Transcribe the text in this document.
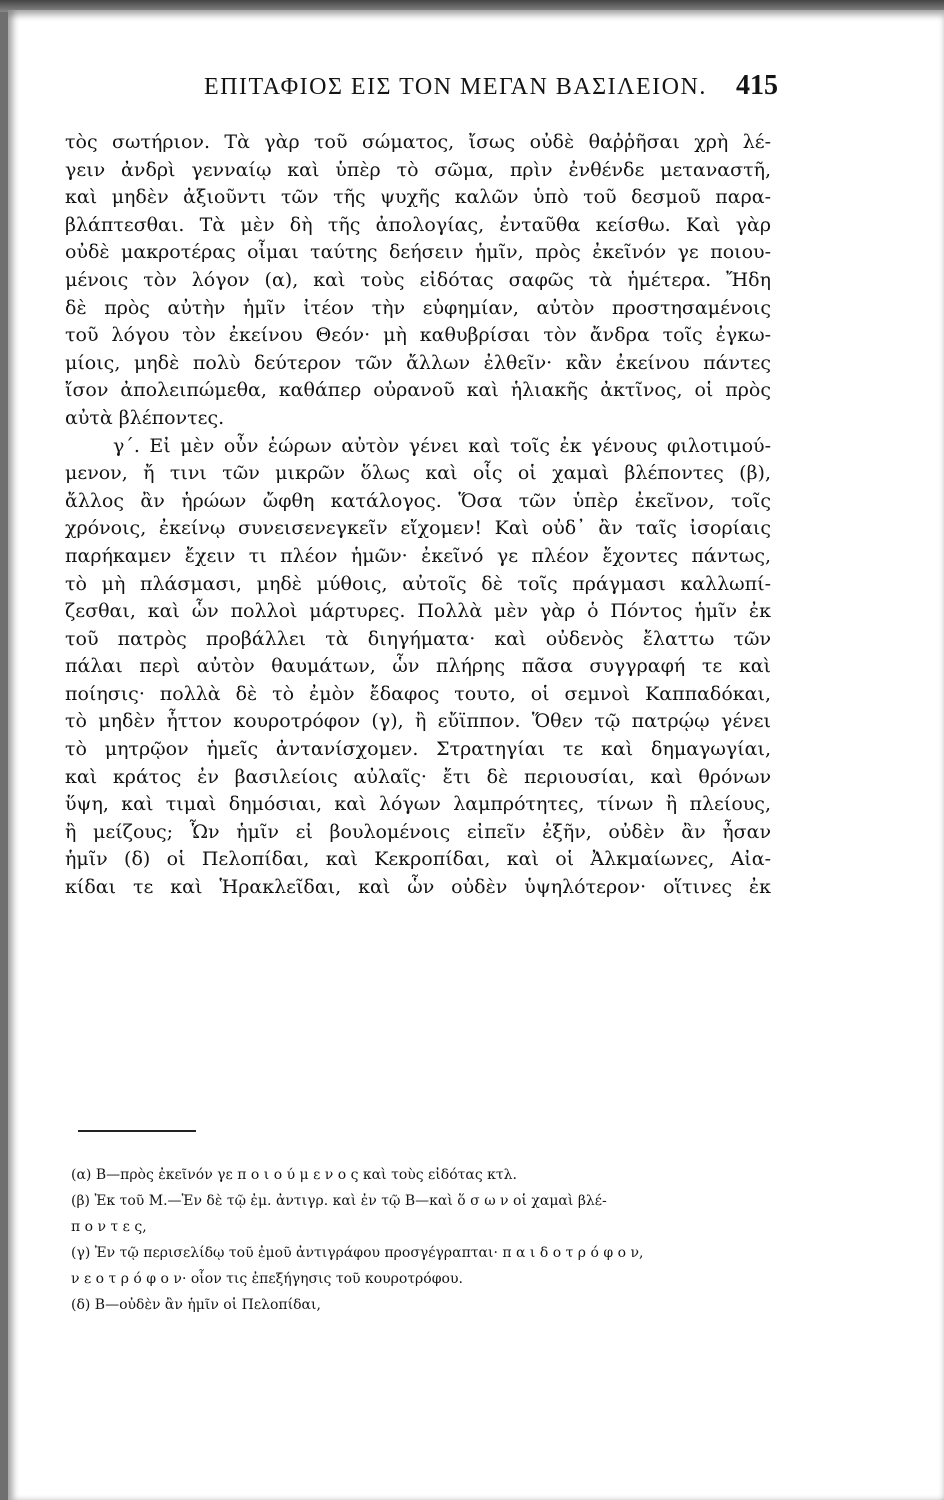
ΕΠΙΤΑΦΙΟΣ ΕΙΣ ΤΟΝ ΜΕΓΑΝ ΒΑΣΙΛΕΙΟΝ.	415
τὸς σωτήριον. Τὰ γὰρ τοῦ σώματος, ἴσως οὐδὲ θαῤῥῆσαι χρὴ λέ-
γειν ἀνδρὶ γενναίῳ καὶ ὑπὲρ τὸ σῶμα, πρὶν ἐνθένδε μεταναστῆ,
καὶ μηδὲν ἀξιοῦντι τῶν τῆς ψυχῆς καλῶν ὑπὸ τοῦ δεσμοῦ παρα-
βλάπτεσθαι. Τὰ μὲν δὴ τῆς ἀπολογίας, ἐνταῦθα κείσθω. Καὶ γὰρ
οὐδὲ μακροτέρας οἶμαι ταύτης δεήσειν ἡμῖν, πρὸς ἐκεῖνόν γε ποιου-
μένοις τὸν λόγον (α), καὶ τοὺς εἰδότας σαφῶς τὰ ἡμέτερα. Ἤδη
δὲ πρὸς αὐτὴν ἡμῖν ἰτέον τὴν εὐφημίαν, αὐτὸν προστησαμένοις
τοῦ λόγου τὸν ἐκείνου Θεόν· μὴ καθυβρίσαι τὸν ἄνδρα τοῖς ἐγκω-
μίοις, μηδὲ πολὺ δεύτερον τῶν ἄλλων ἐλθεῖν· κἂν ἐκείνου πάντες
ἴσον ἀπολειπώμεθα, καθάπερ οὐρανοῦ καὶ ἡλιακῆς ἀκτῖνος, οἱ πρὸς
αὐτὰ βλέποντες.
γ΄. Εἰ μὲν οὖν ἑώρων αὐτὸν γένει καὶ τοῖς ἐκ γένους φιλοτιμού-
μενον, ἤ τινι τῶν μικρῶν ὅλως καὶ οἷς οἱ χαμαὶ βλέποντες (β),
ἄλλος ἂν ἡρώων ὤφθη κατάλογος. Ὅσα τῶν ὑπὲρ ἐκεῖνον, τοῖς
χρόνοις, ἐκείνῳ συνεισενεγκεῖν εἴχομεν! Καὶ οὐδ᾽ ἂν ταῖς ἰσορίαις
παρήκαμεν ἔχειν τι πλέον ἡμῶν· ἐκεῖνό γε πλέον ἔχοντες πάντως,
τὸ μὴ πλάσμασι, μηδὲ μύθοις, αὐτοῖς δὲ τοῖς πράγμασι καλλωπί-
ζεσθαι, καὶ ὧν πολλοὶ μάρτυρες. Πολλὰ μὲν γὰρ ὁ Πόντος ἡμῖν ἐκ
τοῦ πατρὸς προβάλλει τὰ διηγήματα· καὶ οὐδενὸς ἔλαττω τῶν
πάλαι περὶ αὐτὸν θαυμάτων, ὧν πλήρης πᾶσα συγγραφή τε καὶ
ποίησις· πολλὰ δὲ τὸ ἐμὸν ἔδαφος τουτο, οἱ σεμνοὶ Καππαδόκαι,
τὸ μηδὲν ἧττον κουροτρόφον (γ), ἢ εὔϊππον. Ὅθεν τῷ πατρῴῳ γένει
τὸ μητρῷον ἡμεῖς ἀντανίσχομεν. Στρατηγίαι τε καὶ δημαγωγίαι,
καὶ κράτος ἐν βασιλείοις αὐλαῖς· ἔτι δὲ περιουσίαι, καὶ θρόνων
ὕψη, καὶ τιμαὶ δημόσιαι, καὶ λόγων λαμπρότητες, τίνων ἢ πλείους,
ἢ μείζους; Ὧν ἡμῖν εἰ βουλομένοις εἰπεῖν ἐξῆν, οὐδὲν ἂν ἦσαν
ἡμῖν (δ) οἱ Πελοπίδαι, καὶ Κεκροπίδαι, καὶ οἱ Ἀλκμαίωνες, Αἰα-
κίδαι τε καὶ Ἡρακλεῖδαι, καὶ ὧν οὐδὲν ὑψηλότερον· οἵτινες ἐκ
(α) Β—πρὸς ἐκεῖνόν γε π ο ι ο ύ μ ε ν ο ς καὶ τοὺς εἰδότας κτλ.
(β) Ἐκ τοῦ Μ.—Ἐν δὲ τῷ ἐμ. ἀντιγρ. καὶ ἐν τῷ Β—καὶ ὅ σ ω ν οἱ χαμαὶ βλέ-
π ο ν τ ε ς,
(γ) Ἐν τῷ περισελίδῳ τοῦ ἐμοῦ ἀντιγράφου προσγέγραπται· π α ι δ ο τ ρ ό φ ο ν,
ν ε ο τ ρ ό φ ο ν· οἷον τις ἐπεξήγησις τοῦ κουροτρόφου.
(δ) Β—οὐδὲν ἂν ἡμῖν οἱ Πελοπίδαι,
